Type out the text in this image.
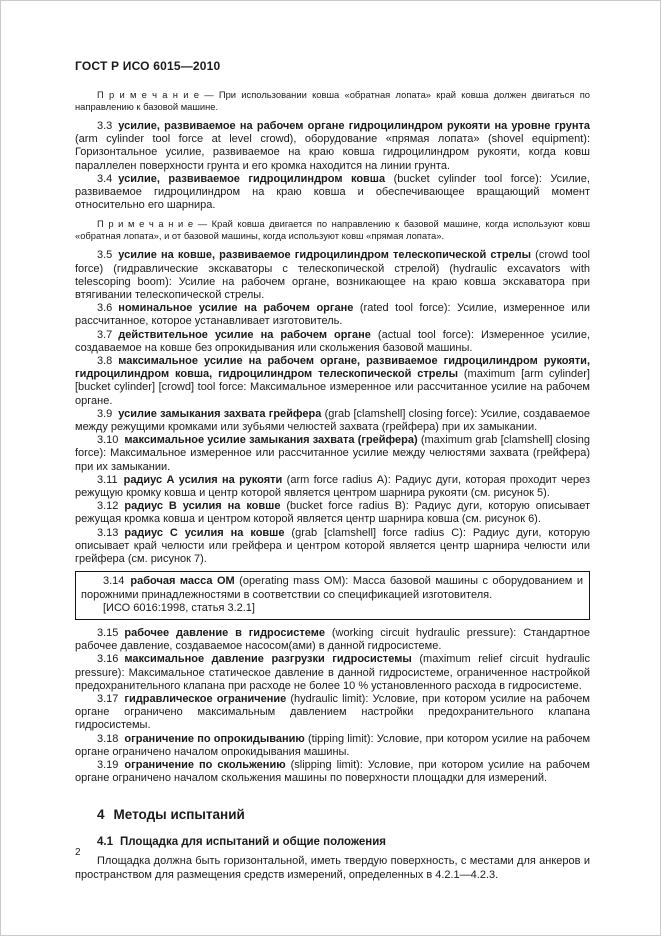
ГОСТ Р ИСО 6015—2010

П р и м е ч а н и е — При использовании ковша «обратная лопата» край ковша должен двигаться по направлению к базовой машине.

3.3 усилие, развиваемое на рабочем органе гидроцилиндром рукояти на уровне грунта (arm cylinder tool force at level crowd), оборудование «прямая лопата» (shovel equipment): Горизонтальное усилие, развиваемое на краю ковша гидроцилиндром рукояти, когда ковш параллелен поверхности грунта и его кромка находится на линии грунта.

3.4 усилие, развиваемое гидроцилиндром ковша (bucket cylinder tool force): Усилие, развиваемое гидроцилиндром на краю ковша и обеспечивающее вращающий момент относительно его шарнира.

П р и м е ч а н и е — Край ковша двигается по направлению к базовой машине, когда используют ковш «обратная лопата», и от базовой машины, когда используют ковш «прямая лопата».

3.5 усилие на ковше, развиваемое гидроцилиндром телескопической стрелы (crowd tool force) (гидравлические экскаваторы с телескопической стрелой) (hydraulic excavators with telescoping boom): Усилие на рабочем органе, возникающее на краю ковша экскаватора при втягивании телескопической стрелы.

3.6 номинальное усилие на рабочем органе (rated tool force): Усилие, измеренное или рассчитанное, которое устанавливает изготовитель.

3.7 действительное усилие на рабочем органе (actual tool force): Измеренное усилие, создаваемое на ковше без опрокидывания или скольжения базовой машины.

3.8 максимальное усилие на рабочем органе, развиваемое гидроцилиндром рукояти, гидроцилиндром ковша, гидроцилиндром телескопической стрелы (maximum [arm cylinder] [bucket cylinder] [crowd] tool force: Максимальное измеренное или рассчитанное усилие на рабочем органе.

3.9 усилие замыкания захвата грейфера (grab [clamshell] closing force): Усилие, создаваемое между режущими кромками или зубьями челюстей захвата (грейфера) при их замыкании.

3.10 максимальное усилие замыкания захвата (грейфера) (maximum grab [clamshell] closing force): Максимальное измеренное или рассчитанное усилие между челюстями захвата (грейфера) при их замыкании.

3.11 радиус А усилия на рукояти (arm force radius А): Радиус дуги, которая проходит через режущую кромку ковша и центр которой является центром шарнира рукояти (см. рисунок 5).

3.12 радиус В усилия на ковше (bucket force radius В): Радиус дуги, которую описывает режущая кромка ковша и центром которой является центр шарнира ковша (см. рисунок 6).

3.13 радиус С усилия на ковше (grab [clamshell] force radius С): Радиус дуги, которую описывает край челюсти или грейфера и центром которой является центр шарнира челюсти или грейфера (см. рисунок 7).

3.14 рабочая масса ОМ (operating mass ОМ): Масса базовой машины с оборудованием и порожними принадлежностями в соответствии со спецификацией изготовителя.

[ИСО 6016:1998, статья 3.2.1]

3.15 рабочее давление в гидросистеме (working circuit hydraulic pressure): Стандартное рабочее давление, создаваемое насосом(ами) в данной гидросистеме.

3.16 максимальное давление разгрузки гидросистемы (maximum relief circuit hydraulic pressure): Максимальное статическое давление в данной гидросистеме, ограниченное настройкой предохранительного клапана при расходе не более 10 % установленного расхода в гидросистеме.

3.17 гидравлическое ограничение (hydraulic limit): Условие, при котором усилие на рабочем органе ограничено максимальным давлением настройки предохранительного клапана гидросистемы.

3.18 ограничение по опрокидыванию (tipping limit): Условие, при котором усилие на рабочем органе ограничено началом опрокидывания машины.

3.19 ограничение по скольжению (slipping limit): Условие, при котором усилие на рабочем органе ограничено началом скольжения машины по поверхности площадки для измерений.

4 Методы испытаний
4.1 Площадка для испытаний и общие положения

Площадка должна быть горизонтальной, иметь твердую поверхность, с местами для анкеров и пространством для размещения средств измерений, определенных в 4.2.1—4.2.3.

2
